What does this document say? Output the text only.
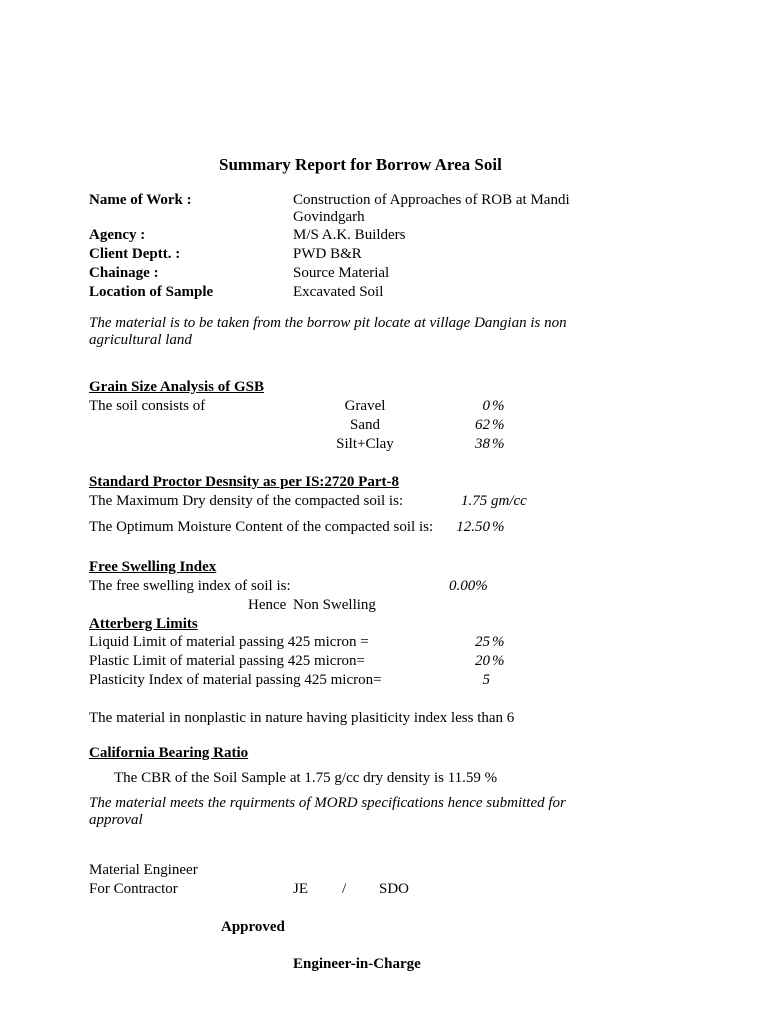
Summary Report for Borrow Area Soil
Name of Work :	Construction of Approaches of ROB at Mandi Govindgarh
Agency :	M/S A.K. Builders
Client Deptt. :	PWD B&R
Chainage :	Source Material
Location of Sample	Excavated Soil
The material is to be taken from the borrow pit locate at village Dangian is non agricultural land
Grain Size Analysis of GSB
The soil consists of	Gravel	0 %
Sand	62 %
Silt+Clay	38 %
Standard Proctor Desnsity as per IS:2720 Part-8
The Maximum Dry density of the compacted soil is:	1.75 gm/cc
The Optimum Moisture Content of the compacted soil is:	12.50 %
Free Swelling Index
The free swelling index of soil is:	0.00%
Hence Non Swelling
Atterberg Limits
Liquid Limit of material passing 425 micron =	25 %
Plastic Limit of material passing 425 micron=	20 %
Plasticity Index of material passing 425 micron=	5
The material in nonplastic in nature having plasiticity index less than 6
California Bearing Ratio
The CBR of the Soil Sample at 1.75 g/cc dry density is 11.59 %
The material meets the rquirments of MORD specifications hence submitted for approval
Material Engineer
For Contractor	JE / SDO
Approved
Engineer-in-Charge
